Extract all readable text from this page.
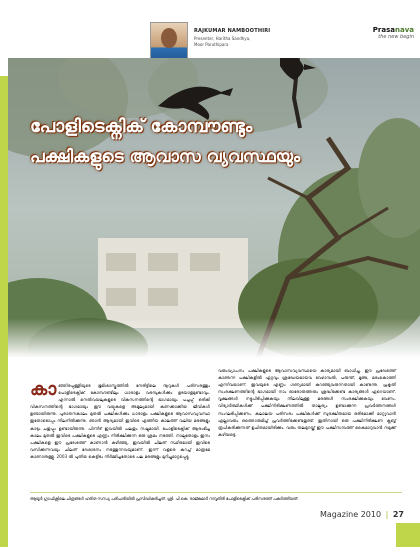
RAJKUMAR NAMBOOTHIRI
Presenter, Haritha Sandhya,
Moor Paruthipara
Prasanava
the new begin
പോളിടെക്നിക് കോമ്പൗണ്ടും
പക്ഷികളുടെ ആവാസ വ്യവസ്ഥയും
കാ ഞ്ഞിരപ്പള്ളിയുടെ ഭൂമിശാസ്ത്രത്തിൽ നേരിട്ടിലെ നൂറുകൾ പരിസരത്തും പോളിടെക്നിക് കോമ്പൗണ്ടിലും ധാരാളം വരമ്പുകൾക്കും ഉടയാളമുണ്ടാവും. എന്നാൽ നെൽവയലുകളുടെ വികസനത്തിന്റെ ഭാഗമായും പച്ചപ്പ് ഒരികി വികസനത്തിന്റെ ഭാഗമായും ഈ വയ്പുകളെ അമൂല്യമായി കണക്കാക്കിയ ജീവികൾ ഉണ്ടായിരുന്നു. പുരാതനകാലം മുതൽ പക്ഷികൾക്കും ധാരാളം പക്ഷികളുടെ ആവാസവ്യവസ്ഥ ഇതോടൊപ്പം നിലനിൽക്കുന്നു. ഞാൻ ആദ്യമായി ഇവിടെ എത്തിയ കാലത്ത് വലിയ മരങ്ങളും കാടും ചതുപ്പും ഉണ്ടായിരുന്നു. പിന്നീട് ഇവയിൽ പലതും നഷ്ടമായി. പോളിടെക്നിക് ആരംഭിച്ച കാലം മുതൽ ഇവിടെ പക്ഷികളുടെ എണ്ണം നിരീക്ഷിക്കുന്ന ഒരു ശ്രമം നടത്തി. നാല്പതോളം ഇനം പക്ഷികളെ ഈ പ്രദേശത്ത് കാണാൻ കഴിഞ്ഞു. ഇവയിൽ ചിലത് സ്ഥിരമായി ഇവിടെ വസിക്കുന്നവയും ചിലത് ദേശാടനം നടത്തുന്നവയുമാണ്. ഇന്ന് വളരെ കുറച്ച് മാത്രമേ കാണാനുള്ളൂ. 2003 ൽ പുതിയ കെട്ടിടം നിർമ്മിച്ചതോടെ പല മരങ്ങളും മുറിച്ചുമാറ്റപ്പെട്ടു.
വരുംവ്യാപനം പക്ഷികളുടെ ആവാസവ്യവസ്ഥയെ കാര്യമായി ബാധിച്ചു. ഈ പ്രദേശത്ത് കാണുന്ന പക്ഷികളിൽ ഏറ്റവും ശ്രദ്ധേയമായവ വേഴാമ്പൽ, പരുന്ത്, മൂങ്ങ, മരംകൊത്തി എന്നിവയാണ്. ഇവയുടെ എണ്ണം ഗണ്യമായി കുറഞ്ഞുവരുന്നതായി കാണുന്നു. പ്രകൃതി സംരക്ഷണത്തിന്റെ ഭാഗമായി നാം ഓരോരുത്തരും ശ്രദ്ധിക്കേണ്ട കാര്യങ്ങൾ ഏറെയാണ്. വൃക്ഷങ്ങൾ നട്ടുപിടിപ്പിക്കുകയും നിലവിലുള്ള മരങ്ങൾ സംരക്ഷിക്കുകയും വേണം. വിദ്യാർത്ഥികൾക്ക് പക്ഷിനിരീക്ഷണത്തിൽ താല്പര്യം ഉണ്ടാക്കുന്ന പ്രവർത്തനങ്ങൾ സംഘടിപ്പിക്കണം. കലാലയ പരിസരം പക്ഷികൾക്ക് സുരക്ഷിതമായ ഒരിടമാക്കി മാറ്റുവാൻ എല്ലാവരും ഒത്തൊരുമിച്ച് പ്രവർത്തിക്കേണ്ടതുണ്ട്. ഇതിനായി ഒരു പക്ഷിനിരീക്ഷണ ക്ലബ്ബ് രൂപീകരിക്കുന്നത് ഉചിതമായിരിക്കും. വരും തലമുറയ്ക്ക് ഈ പക്ഷിസമ്പത്ത് കൈമാറുവാൻ നമുക്ക് കഴിയട്ടെ.
ആയൂർ ഗ്രാഫിക്സിലെ ചിത്രങ്ങൾ ഹരിത സന്ധ്യ പരിപാടിയിൽ പ്രസിദ്ധീകരിച്ചത്. ശ്രീ. പി.കെ. രാജ്കുമാർ നമ്പൂതിരി പോളിടെക്നിക് പരിസരത്ത് പകർത്തിയത്.
Magazine 2010 | 27
